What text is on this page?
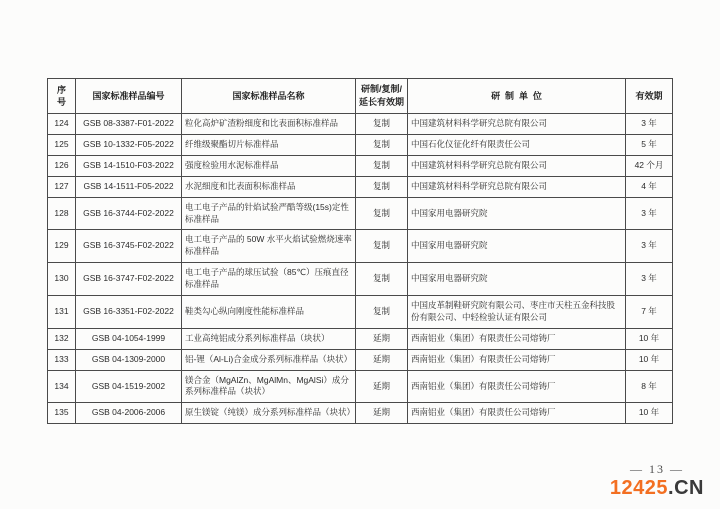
序号	国家标准样品编号	国家标准样品名称	研制/复制/延长有效期	研制单位	有效期
124	GSB 08-3387-F01-2022	粒化高炉矿渣粉细度和比表面积标准样品	复制	中国建筑材料科学研究总院有限公司	3 年
125	GSB 10-1332-F05-2022	纤维级聚酯切片标准样品	复制	中国石化仪征化纤有限责任公司	5 年
126	GSB 14-1510-F03-2022	强度检验用水泥标准样品	复制	中国建筑材料科学研究总院有限公司	42 个月
127	GSB 14-1511-F05-2022	水泥细度和比表面积标准样品	复制	中国建筑材料科学研究总院有限公司	4 年
128	GSB 16-3744-F02-2022	电工电子产品的针焰试验严酷等级(15s)定性标准样品	复制	中国家用电器研究院	3 年
129	GSB 16-3745-F02-2022	电工电子产品的 50W 水平火焰试验燃烧速率标准样品	复制	中国家用电器研究院	3 年
130	GSB 16-3747-F02-2022	电工电子产品的球压试验（85℃）压痕直径标准样品	复制	中国家用电器研究院	3 年
131	GSB 16-3351-F02-2022	鞋类勾心纵向刚度性能标准样品	复制	中国皮革制鞋研究院有限公司、枣庄市天柱五金科技股份有限公司、中轻检验认证有限公司	7 年
132	GSB 04-1054-1999	工业高纯铝成分系列标准样品（块状）	延期	西南铝业（集团）有限责任公司熔铸厂	10 年
133	GSB 04-1309-2000	铝-锂（Al-Li)合金成分系列标准样品（块状）	延期	西南铝业（集团）有限责任公司熔铸厂	10 年
134	GSB 04-1519-2002	镁合金（MgAlZn、MgAlMn、MgAlSi）成分系列标准样品（块状）	延期	西南铝业（集团）有限责任公司熔铸厂	8 年
135	GSB 04-2006-2006	原生镁锭（纯镁）成分系列标准样品（块状）	延期	西南铝业（集团）有限责任公司熔铸厂	10 年
— 13 —
12425.CN
